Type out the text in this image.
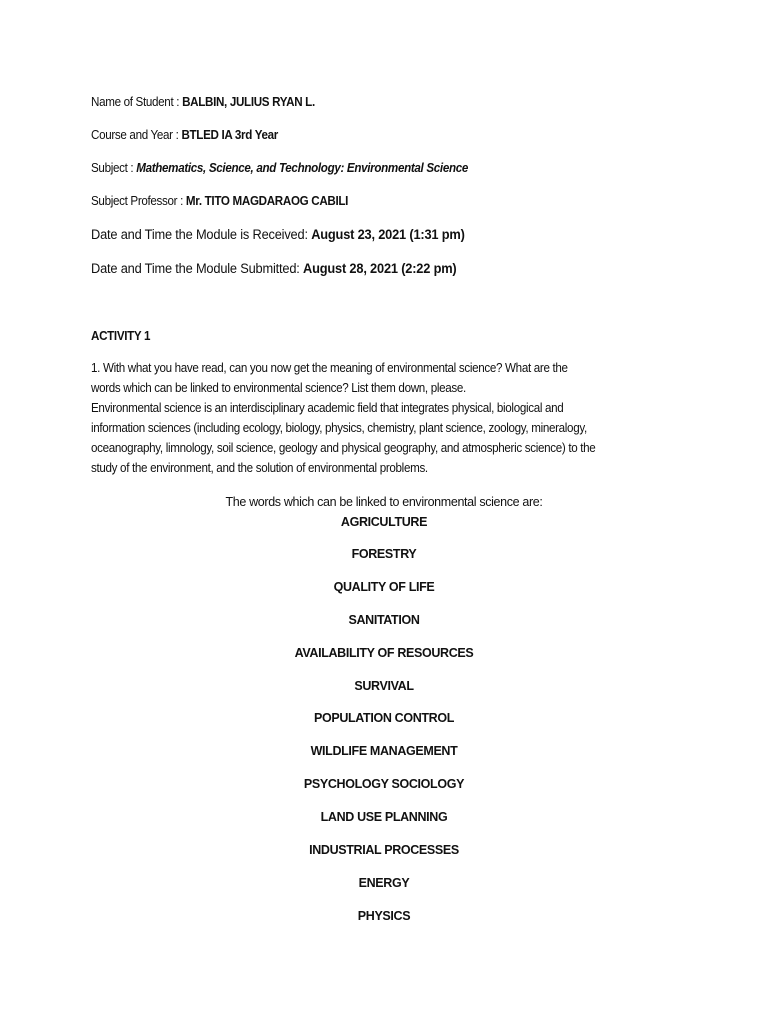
Name of Student : BALBIN, JULIUS RYAN L.
Course and Year : BTLED IA 3rd Year
Subject : Mathematics, Science, and Technology: Environmental Science
Subject Professor : Mr. TITO MAGDARAOG CABILI
Date and Time the Module is Received: August 23, 2021 (1:31 pm)
Date and Time the Module Submitted: August 28, 2021 (2:22 pm)
ACTIVITY 1
1. With what you have read, can you now get the meaning of environmental science? What are the
words which can be linked to environmental science? List them down, please.
Environmental science is an interdisciplinary academic field that integrates physical, biological and
information sciences (including ecology, biology, physics, chemistry, plant science, zoology, mineralogy,
oceanography, limnology, soil science, geology and physical geography, and atmospheric science) to the
study of the environment, and the solution of environmental problems.
The words which can be linked to environmental science are:
AGRICULTURE
FORESTRY
QUALITY OF LIFE
SANITATION
AVAILABILITY OF RESOURCES
SURVIVAL
POPULATION CONTROL
WILDLIFE MANAGEMENT
PSYCHOLOGY SOCIOLOGY
LAND USE PLANNING
INDUSTRIAL PROCESSES
ENERGY
PHYSICS
